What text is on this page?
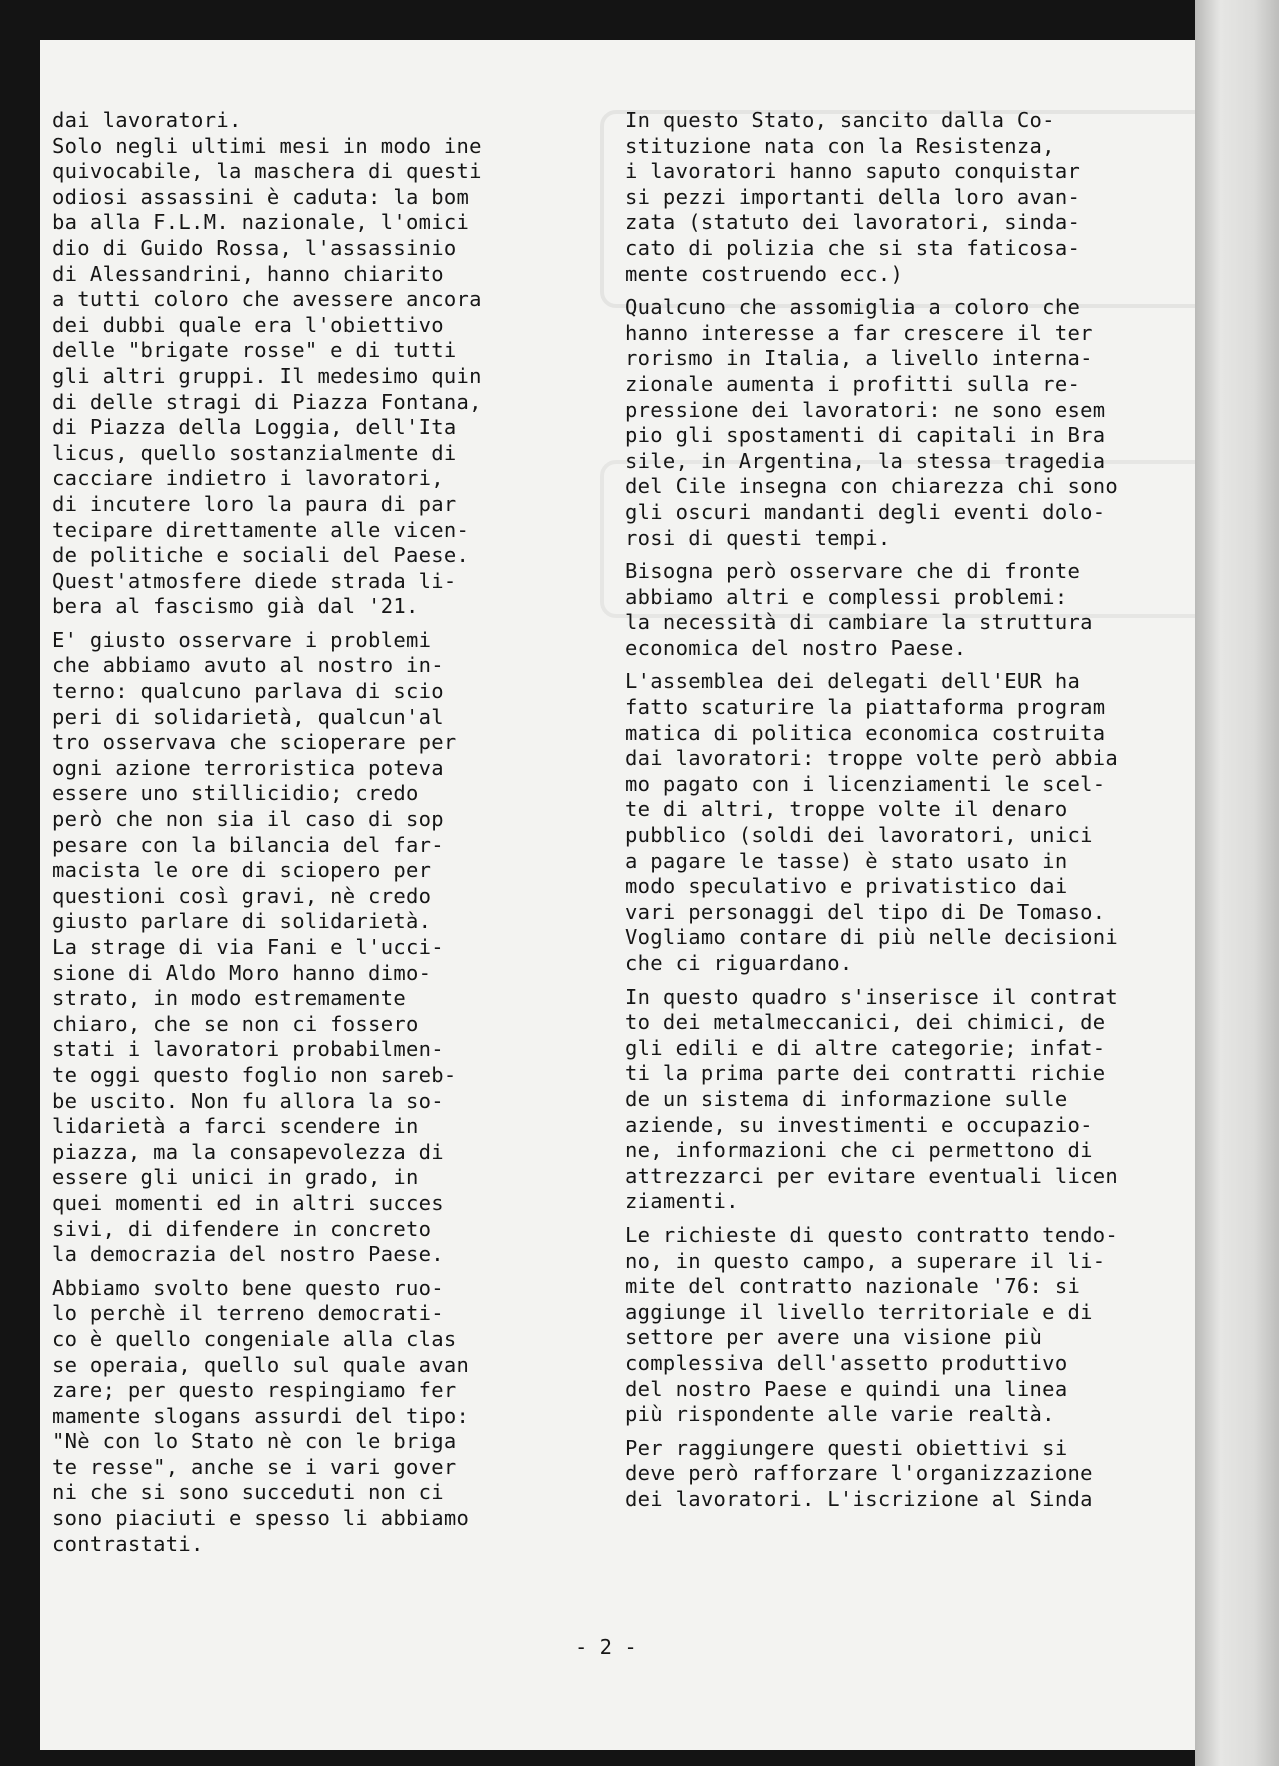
dai lavoratori.
Solo negli ultimi mesi in modo ine
quivocabile, la maschera di questi
odiosi assassini è caduta: la bom
ba alla F.L.M. nazionale, l'omici
dio di Guido Rossa, l'assassinio
di Alessandrini, hanno chiarito
a tutti coloro che avessere ancora
dei dubbi quale era l'obiettivo
delle "brigate rosse" e di tutti
gli altri gruppi. Il medesimo quin
di delle stragi di Piazza Fontana,
di Piazza della Loggia, dell'Ita
licus, quello sostanzialmente di
cacciare indietro i lavoratori,
di incutere loro la paura di par
tecipare direttamente alle vicen-
de politiche e sociali del Paese.
Quest'atmosfere diede strada li-
bera al fascismo già dal '21.

E' giusto osservare i problemi
che abbiamo avuto al nostro in-
terno: qualcuno parlava di scio
peri di solidarietà, qualcun'al
tro osservava che scioperare per
ogni azione terroristica poteva
essere uno stillicidio; credo
però che non sia il caso di sop
pesare con la bilancia del far-
macista le ore di sciopero per
questioni così gravi, nè credo
giusto parlare di solidarietà.
La strage di via Fani e l'ucci-
sione di Aldo Moro hanno dimo-
strato, in modo estremamente
chiaro, che se non ci fossero
stati i lavoratori probabilmen-
te oggi questo foglio non sareb-
be uscito. Non fu allora la so-
lidarietà a farci scendere in
piazza, ma la consapevolezza di
essere gli unici in grado, in
quei momenti ed in altri succes
sivi, di difendere in concreto
la democrazia del nostro Paese.

Abbiamo svolto bene questo ruo-
lo perchè il terreno democrati-
co è quello congeniale alla clas
se operaia, quello sul quale avan
zare; per questo respingiamo fer
mamente slogans assurdi del tipo:
"Nè con lo Stato nè con le briga
te resse", anche se i vari gover
ni che si sono succeduti non ci
sono piaciuti e spesso li abbiamo
contrastati.

In questo Stato, sancito dalla Co-
stituzione nata con la Resistenza,
i lavoratori hanno saputo conquistar
si pezzi importanti della loro avan-
zata (statuto dei lavoratori, sinda-
cato di polizia che si sta faticosa-
mente costruendo ecc.)

Qualcuno che assomiglia a coloro che
hanno interesse a far crescere il ter
rorismo in Italia, a livello interna-
zionale aumenta i profitti sulla re-
pressione dei lavoratori: ne sono esem
pio gli spostamenti di capitali in Bra
sile, in Argentina, la stessa tragedia
del Cile insegna con chiarezza chi sono
gli oscuri mandanti degli eventi dolo-
rosi di questi tempi.

Bisogna però osservare che di fronte
abbiamo altri e complessi problemi:
la necessità di cambiare la struttura
economica del nostro Paese.

L'assemblea dei delegati dell'EUR ha
fatto scaturire la piattaforma program
matica di politica economica costruita
dai lavoratori: troppe volte però abbia
mo pagato con i licenziamenti le scel-
te di altri, troppe volte il denaro
pubblico (soldi dei lavoratori, unici
a pagare le tasse) è stato usato in
modo speculativo e privatistico dai
vari personaggi del tipo di De Tomaso.
Vogliamo contare di più nelle decisioni
che ci riguardano.

In questo quadro s'inserisce il contrat
to dei metalmeccanici, dei chimici, de
gli edili e di altre categorie; infat-
ti la prima parte dei contratti richie
de un sistema di informazione sulle
aziende, su investimenti e occupazio-
ne, informazioni che ci permettono di
attrezzarci per evitare eventuali licen
ziamenti.

Le richieste di questo contratto tendo-
no, in questo campo, a superare il li-
mite del contratto nazionale '76: si
aggiunge il livello territoriale e di
settore per avere una visione più
complessiva dell'assetto produttivo
del nostro Paese e quindi una linea
più rispondente alle varie realtà.

Per raggiungere questi obiettivi si
deve però rafforzare l'organizzazione
dei lavoratori. L'iscrizione al Sinda

- 2 -
